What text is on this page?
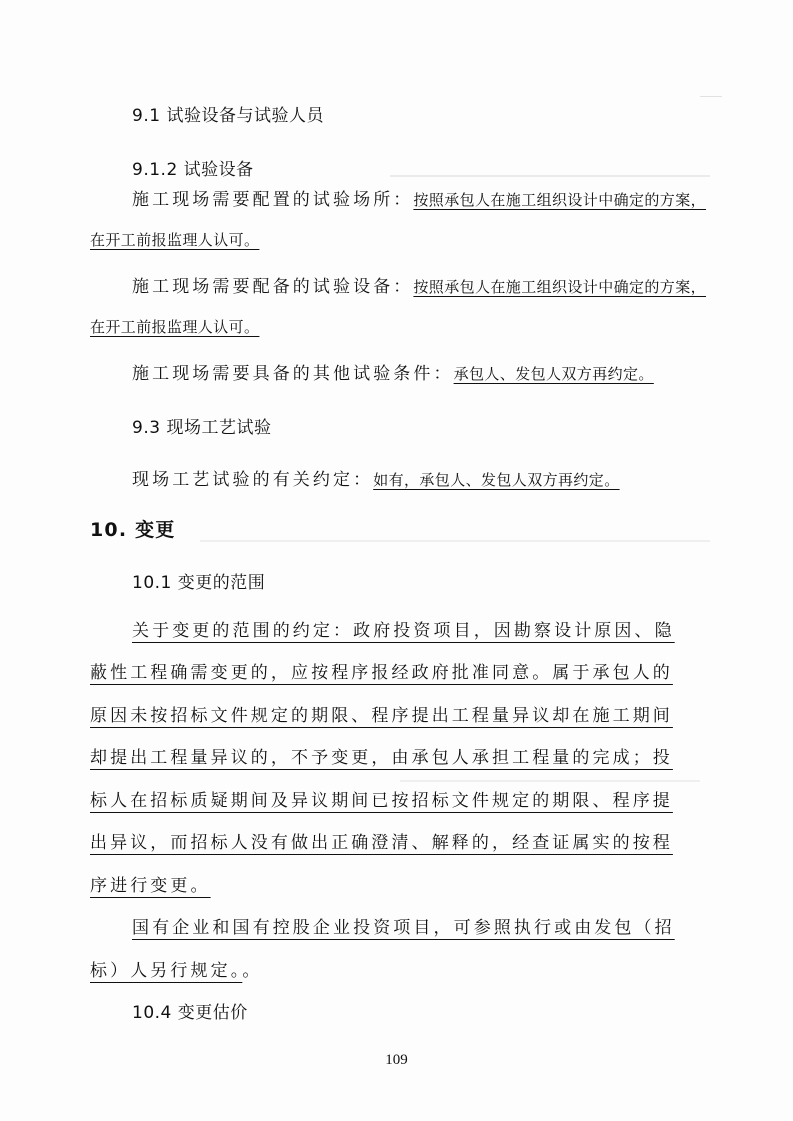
9.1 试验设备与试验人员
9.1.2 试验设备
施工现场需要配置的试验场所：按照承包人在施工组织设计中确定的方案，
在开工前报监理人认可。
施工现场需要配备的试验设备：按照承包人在施工组织设计中确定的方案，
在开工前报监理人认可。
施工现场需要具备的其他试验条件：承包人、发包人双方再约定。
9.3 现场工艺试验
现场工艺试验的有关约定：如有，承包人、发包人双方再约定。
10. 变更
10.1 变更的范围
关于变更的范围的约定：政府投资项目，因勘察设计原因、隐
蔽性工程确需变更的，应按程序报经政府批准同意。属于承包人的
原因未按招标文件规定的期限、程序提出工程量异议却在施工期间
却提出工程量异议的，不予变更，由承包人承担工程量的完成；投
标人在招标质疑期间及异议期间已按招标文件规定的期限、程序提
出异议，而招标人没有做出正确澄清、解释的，经查证属实的按程
序进行变更。
国有企业和国有控股企业投资项目，可参照执行或由发包（招
标）人另行规定。。
10.4 变更估价
109
